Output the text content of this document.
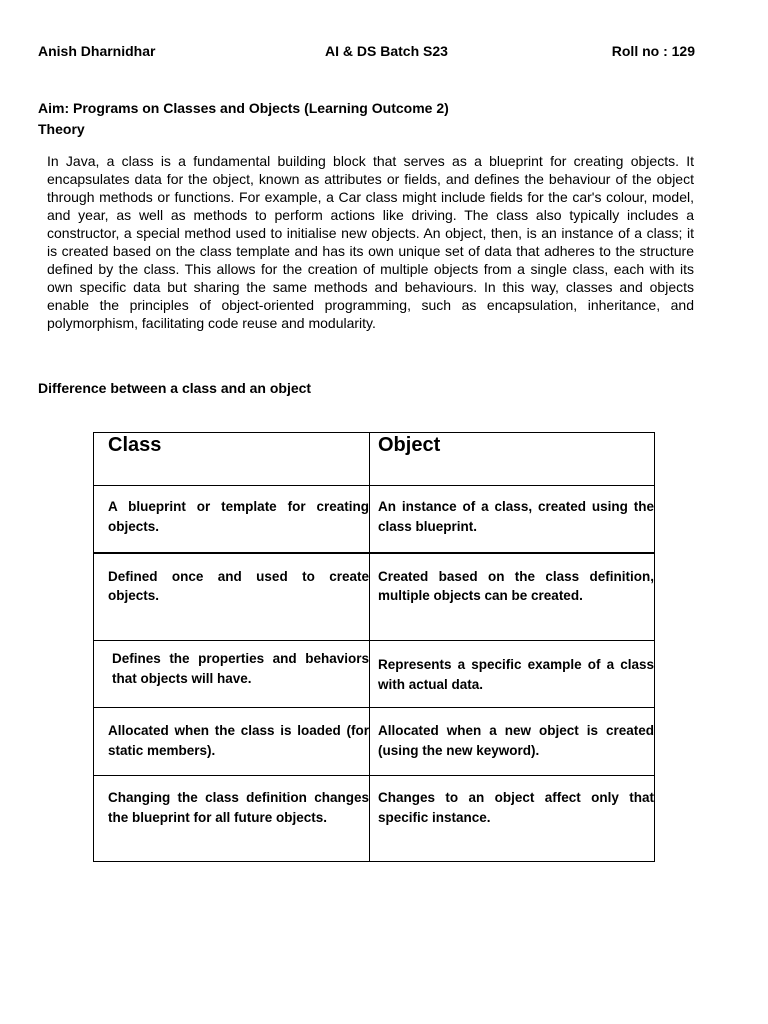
Anish Dharnidhar	AI & DS Batch S23	Roll no : 129
Aim: Programs on Classes and Objects (Learning Outcome 2)
Theory

In Java, a class is a fundamental building block that serves as a blueprint for creating objects. It encapsulates data for the object, known as attributes or fields, and defines the behaviour of the object through methods or functions. For example, a Car class might include fields for the car's colour, model, and year, as well as methods to perform actions like driving. The class also typically includes a constructor, a special method used to initialise new objects. An object, then, is an instance of a class; it is created based on the class template and has its own unique set of data that adheres to the structure defined by the class. This allows for the creation of multiple objects from a single class, each with its own specific data but sharing the same methods and behaviours. In this way, classes and objects enable the principles of object-oriented programming, such as encapsulation, inheritance, and polymorphism, facilitating code reuse and modularity.

Difference between a class and an object
Class	Object
A blueprint or template for creating objects.	An instance of a class, created using the class blueprint.
Defined once and used to create objects.	Created based on the class definition, multiple objects can be created.
Defines the properties and behaviors that objects will have.	Represents a specific example of a class with actual data.
Allocated when the class is loaded (for static members).	Allocated when a new object is created (using the new keyword).
Changing the class definition changes the blueprint for all future objects.	Changes to an object affect only that specific instance.
